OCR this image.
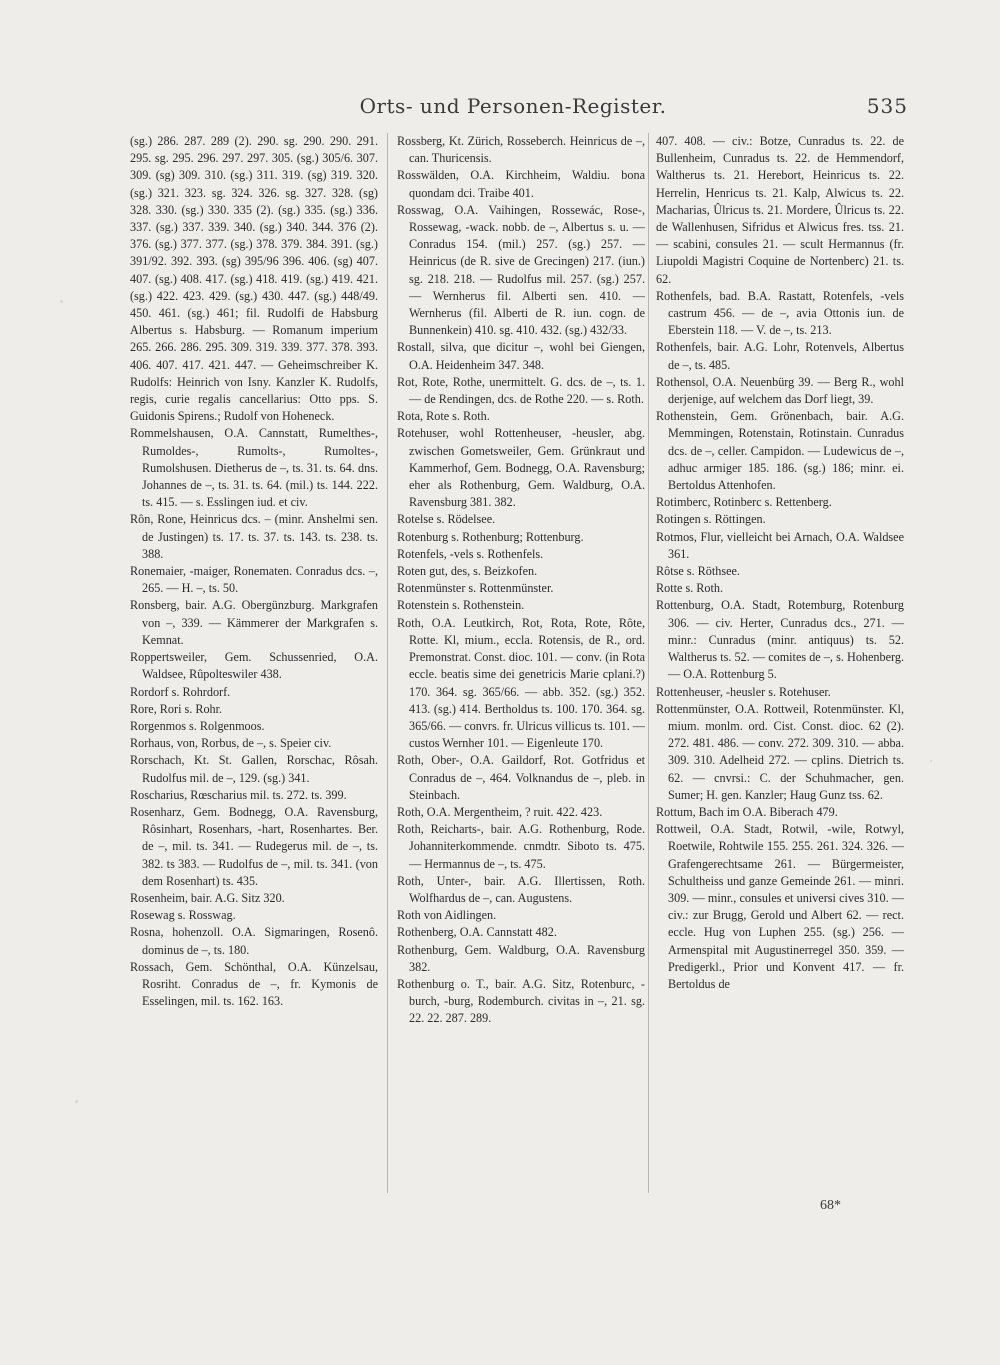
Orts- und Personen-Register.	535
(sg.) 286. 287. 289 (2). 290. sg. 290. 290. 291. 295. sg. 295. 296. 297. 297. 305. (sg.) 305/6. 307. 309. (sg) 309. 310. (sg.) 311. 319. (sg) 319. 320. (sg.) 321. 323. sg. 324. 326. sg. 327. 328. (sg) 328. 330. (sg.) 330. 335 (2). (sg.) 335. (sg.) 336. 337. (sg.) 337. 339. 340. (sg.) 340. 344. 376 (2). 376. (sg.) 377. 377. (sg.) 378. 379. 384. 391. (sg.) 391/92. 392. 393. (sg) 395/96 396. 406. (sg) 407. 407. (sg.) 408. 417. (sg.) 418. 419. (sg.) 419. 421. (sg.) 422. 423. 429. (sg.) 430. 447. (sg.) 448/49. 450. 461. (sg.) 461; fil. Rudolfi de Habsburg Albertus s. Habsburg. — Romanum imperium 265. 266. 286. 295. 309. 319. 339. 377. 378. 393. 406. 407. 417. 421. 447. — Geheimschreiber K. Rudolfs: Heinrich von Isny. Kanzler K. Rudolfs, regis, curie regalis cancellarius: Otto pps. S. Guidonis Spirens.; Rudolf von Hoheneck.
Rommelshausen, O.A. Cannstatt, Rumelthes-, Rumoldes-, Rumolts-, Rumoltes-, Rumolshusen. Dietherus de –, ts. 31. ts. 64. dns. Johannes de –, ts. 31. ts. 64. (mil.) ts. 144. 222. ts. 415. — s. Esslingen iud. et civ.
Rôn, Rone, Heinricus dcs. – (minr. Anshelmi sen. de Justingen) ts. 17. ts. 37. ts. 143. ts. 238. ts. 388.
Ronemaier, -maiger, Ronematen. Conradus dcs. –, 265. — H. –, ts. 50.
Ronsberg, bair. A.G. Obergünzburg. Markgrafen von –, 339. — Kämmerer der Markgrafen s. Kemnat.
Roppertsweiler, Gem. Schussenried, O.A. Waldsee, Rûpolteswiler 438.
Rordorf s. Rohrdorf.
Rore, Rori s. Rohr.
Rorgenmos s. Rolgenmoos.
Rorhaus, von, Rorbus, de –, s. Speier civ.
Rorschach, Kt. St. Gallen, Rorschac, Rôsah. Rudolfus mil. de –, 129. (sg.) 341.
Roscharius, Rœscharius mil. ts. 272. ts. 399.
Rosenharz, Gem. Bodnegg, O.A. Ravensburg, Rôsinhart, Rosenhars, -hart, Rosenhartes. Ber. de –, mil. ts. 341. — Rudegerus mil. de –, ts. 382. ts 383. — Rudolfus de –, mil. ts. 341. (von dem Rosenhart) ts. 435.
Rosenheim, bair. A.G. Sitz 320.
Rosewag s. Rosswag.
Rosna, hohenzoll. O.A. Sigmaringen, Rosenô. dominus de –, ts. 180.
Rossach, Gem. Schönthal, O.A. Künzelsau, Rosriht. Conradus de –, fr. Kymonis de Esselingen, mil. ts. 162. 163.
Rossberg, Kt. Zürich, Rosseberch. Heinricus de –, can. Thuricensis.
Rosswälden, O.A. Kirchheim, Waldiu. bona quondam dci. Traibe 401.
Rosswag, O.A. Vaihingen, Rossewác, Rose-, Rossewag, -wack. nobb. de –, Albertus s. u. — Conradus 154. (mil.) 257. (sg.) 257. — Heinricus (de R. sive de Grecingen) 217. (iun.) sg. 218. 218. — Rudolfus mil. 257. (sg.) 257. — Wernherus fil. Alberti sen. 410. — Wernherus (fil. Alberti de R. iun. cogn. de Bunnenkein) 410. sg. 410. 432. (sg.) 432/33.
Rostall, silva, que dicitur –, wohl bei Giengen, O.A. Heidenheim 347. 348.
Rot, Rote, Rothe, unermittelt. G. dcs. de –, ts. 1. — de Rendingen, dcs. de Rothe 220. — s. Roth.
Rota, Rote s. Roth.
Rotehuser, wohl Rottenheuser, -heusler, abg. zwischen Gometsweiler, Gem. Grünkraut und Kammerhof, Gem. Bodnegg, O.A. Ravensburg; eher als Rothenburg, Gem. Waldburg, O.A. Ravensburg 381. 382.
Rotelse s. Rödelsee.
Rotenburg s. Rothenburg; Rottenburg.
Rotenfels, -vels s. Rothenfels.
Roten gut, des, s. Beizkofen.
Rotenmünster s. Rottenmünster.
Rotenstein s. Rothenstein.
Roth, O.A. Leutkirch, Rot, Rota, Rote, Rôte, Rotte. Kl, mium., eccla. Rotensis, de R., ord. Premonstrat. Const. dioc. 101. — conv. (in Rota eccle. beatis sime dei genetricis Marie cplani.?) 170. 364. sg. 365/66. — abb. 352. (sg.) 352. 413. (sg.) 414. Bertholdus ts. 100. 170. 364. sg. 365/66. — convrs. fr. Ulricus villicus ts. 101. — custos Wernher 101. — Eigenleute 170.
Roth, Ober-, O.A. Gaildorf, Rot. Gotfridus et Conradus de –, 464. Volknandus de –, pleb. in Steinbach.
Roth, O.A. Mergentheim, ? ruit. 422. 423.
Roth, Reicharts-, bair. A.G. Rothenburg, Rode. Johanniterkommende. cnmdtr. Siboto ts. 475. — Hermannus de –, ts. 475.
Roth, Unter-, bair. A.G. Illertissen, Roth. Wolfhardus de –, can. Augustens.
Roth von Aidlingen.
Rothenberg, O.A. Cannstatt 482.
Rothenburg, Gem. Waldburg, O.A. Ravensburg 382.
Rothenburg o. T., bair. A.G. Sitz, Rotenburc, -burch, -burg, Rodemburch. civitas in –, 21. sg. 22. 22. 287. 289.
407. 408. — civ.: Botze, Cunradus ts. 22. de Bullenheim, Cunradus ts. 22. de Hemmendorf, Waltherus ts. 21. Herebort, Heinricus ts. 22. Herrelin, Henricus ts. 21. Kalp, Alwicus ts. 22. Macharias, Ûlricus ts. 21. Mordere, Ûlricus ts. 22. de Wallenhusen, Sifridus et Alwicus fres. tss. 21. — scabini, consules 21. — scult Hermannus (fr. Liupoldi Magistri Coquine de Nortenberc) 21. ts. 62.
Rothenfels, bad. B.A. Rastatt, Rotenfels, -vels castrum 456. — de –, avia Ottonis iun. de Eberstein 118. — V. de –, ts. 213.
Rothenfels, bair. A.G. Lohr, Rotenvels, Albertus de –, ts. 485.
Rothensol, O.A. Neuenbürg 39. — Berg R., wohl derjenige, auf welchem das Dorf liegt, 39.
Rothenstein, Gem. Grönenbach, bair. A.G. Memmingen, Rotenstain, Rotinstain. Cunradus dcs. de –, celler. Campidon. — Ludewicus de –, adhuc armiger 185. 186. (sg.) 186; minr. ei. Bertoldus Attenhofen.
Rotimberc, Rotinberc s. Rettenberg.
Rotingen s. Röttingen.
Rotmos, Flur, vielleicht bei Arnach, O.A. Waldsee 361.
Rôtse s. Röthsee.
Rotte s. Roth.
Rottenburg, O.A. Stadt, Rotemburg, Rotenburg 306. — civ. Herter, Cunradus dcs., 271. — minr.: Cunradus (minr. antiquus) ts. 52. Waltherus ts. 52. — comites de –, s. Hohenberg. — O.A. Rottenburg 5.
Rottenheuser, -heusler s. Rotehuser.
Rottenmünster, O.A. Rottweil, Rotenmünster. Kl, mium. monlm. ord. Cist. Const. dioc. 62 (2). 272. 481. 486. — conv. 272. 309. 310. — abba. 309. 310. Adelheid 272. — cplins. Dietrich ts. 62. — cnvrsi.: C. der Schuhmacher, gen. Sumer; H. gen. Kanzler; Haug Gunz tss. 62.
Rottum, Bach im O.A. Biberach 479.
Rottweil, O.A. Stadt, Rotwil, -wile, Rotwyl, Roetwile, Rohtwile 155. 255. 261. 324. 326. — Grafengerechtsame 261. — Bürgermeister, Schultheiss und ganze Gemeinde 261. — minri. 309. — minr., consules et universi cives 310. — civ.: zur Brugg, Gerold und Albert 62. — rect. eccle. Hug von Luphen 255. (sg.) 256. — Armenspital mit Augustinerregel 350. 359. — Predigerkl., Prior und Konvent 417. — fr. Bertoldus de
68*
